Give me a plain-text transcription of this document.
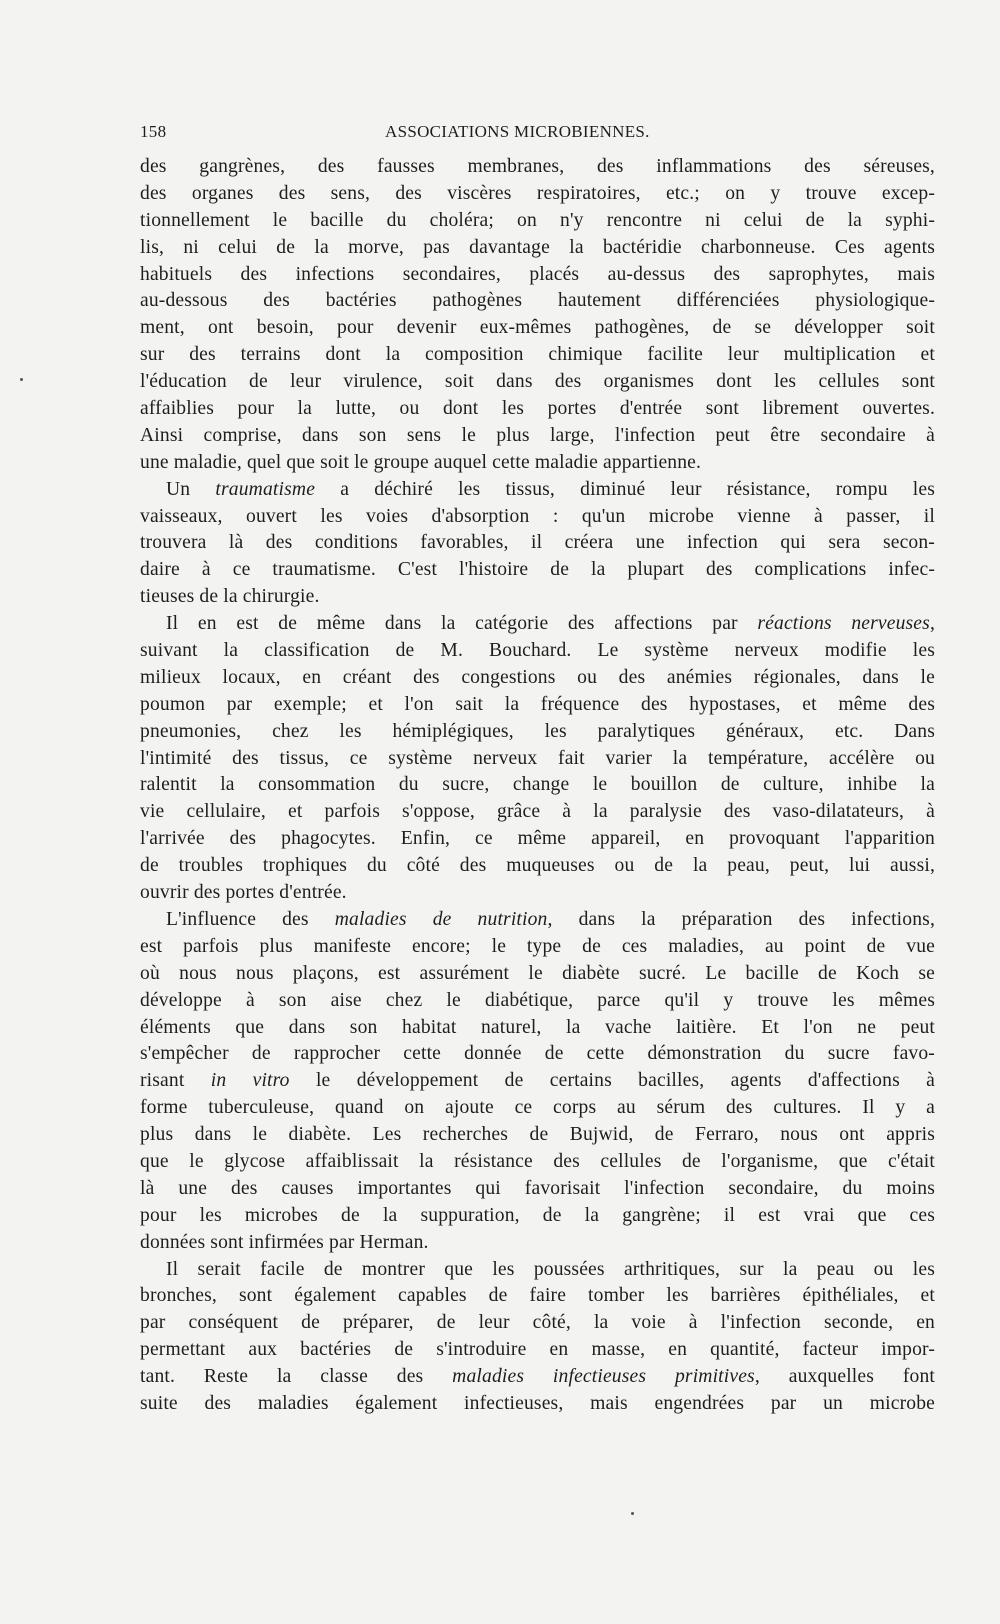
158	ASSOCIATIONS MICROBIENNES.
des gangrènes, des fausses membranes, des inflammations des séreuses,
des organes des sens, des viscères respiratoires, etc.; on y trouve excep-
tionnellement le bacille du choléra; on n'y rencontre ni celui de la syphi-
lis, ni celui de la morve, pas davantage la bactéridie charbonneuse. Ces agents
habituels des infections secondaires, placés au-dessus des saprophytes, mais
au-dessous des bactéries pathogènes hautement différenciées physiologique-
ment, ont besoin, pour devenir eux-mêmes pathogènes, de se développer soit
sur des terrains dont la composition chimique facilite leur multiplication et
l'éducation de leur virulence, soit dans des organismes dont les cellules sont
affaiblies pour la lutte, ou dont les portes d'entrée sont librement ouvertes.
Ainsi comprise, dans son sens le plus large, l'infection peut être secondaire à
une maladie, quel que soit le groupe auquel cette maladie appartienne.
Un traumatisme a déchiré les tissus, diminué leur résistance, rompu les
vaisseaux, ouvert les voies d'absorption : qu'un microbe vienne à passer, il
trouvera là des conditions favorables, il créera une infection qui sera secon-
daire à ce traumatisme. C'est l'histoire de la plupart des complications infec-
tieuses de la chirurgie.
Il en est de même dans la catégorie des affections par réactions nerveuses,
suivant la classification de M. Bouchard. Le système nerveux modifie les
milieux locaux, en créant des congestions ou des anémies régionales, dans le
poumon par exemple; et l'on sait la fréquence des hypostases, et même des
pneumonies, chez les hémiplégiques, les paralytiques généraux, etc. Dans
l'intimité des tissus, ce système nerveux fait varier la température, accélère ou
ralentit la consommation du sucre, change le bouillon de culture, inhibe la
vie cellulaire, et parfois s'oppose, grâce à la paralysie des vaso-dilatateurs, à
l'arrivée des phagocytes. Enfin, ce même appareil, en provoquant l'apparition
de troubles trophiques du côté des muqueuses ou de la peau, peut, lui aussi,
ouvrir des portes d'entrée.
L'influence des maladies de nutrition, dans la préparation des infections,
est parfois plus manifeste encore; le type de ces maladies, au point de vue
où nous nous plaçons, est assurément le diabète sucré. Le bacille de Koch se
développe à son aise chez le diabétique, parce qu'il y trouve les mêmes
éléments que dans son habitat naturel, la vache laitière. Et l'on ne peut
s'empêcher de rapprocher cette donnée de cette démonstration du sucre favo-
risant in vitro le développement de certains bacilles, agents d'affections à
forme tuberculeuse, quand on ajoute ce corps au sérum des cultures. Il y a
plus dans le diabète. Les recherches de Bujwid, de Ferraro, nous ont appris
que le glycose affaiblissait la résistance des cellules de l'organisme, que c'était
là une des causes importantes qui favorisait l'infection secondaire, du moins
pour les microbes de la suppuration, de la gangrène; il est vrai que ces
données sont infirmées par Herman.
Il serait facile de montrer que les poussées arthritiques, sur la peau ou les
bronches, sont également capables de faire tomber les barrières épithéliales, et
par conséquent de préparer, de leur côté, la voie à l'infection seconde, en
permettant aux bactéries de s'introduire en masse, en quantité, facteur impor-
tant. Reste la classe des maladies infectieuses primitives, auxquelles font
suite des maladies également infectieuses, mais engendrées par un microbe
